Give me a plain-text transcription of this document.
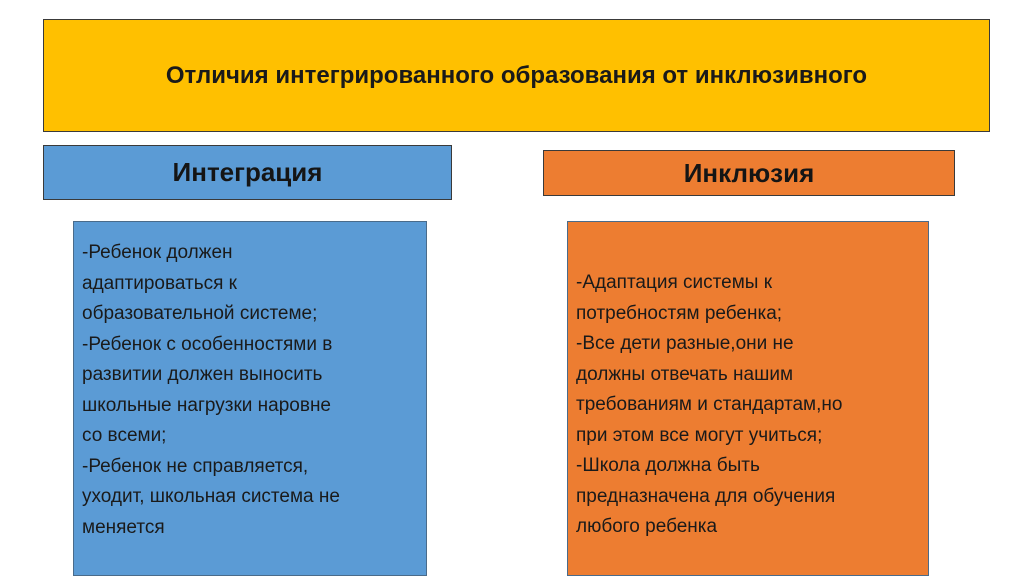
Отличия интегрированного образования от инклюзивного
Интеграция	Инклюзия
-Ребенок должен
адаптироваться к
образовательной системе;
-Ребенок с особенностями в
развитии должен выносить
школьные нагрузки наровне
со всеми;
-Ребенок не справляется,
уходит, школьная система не
меняется
-Адаптация системы к
потребностям ребенка;
-Все дети разные,они не
должны отвечать нашим
требованиям и стандартам,но
при этом все могут учиться;
-Школа должна быть
предназначена для обучения
любого ребенка
